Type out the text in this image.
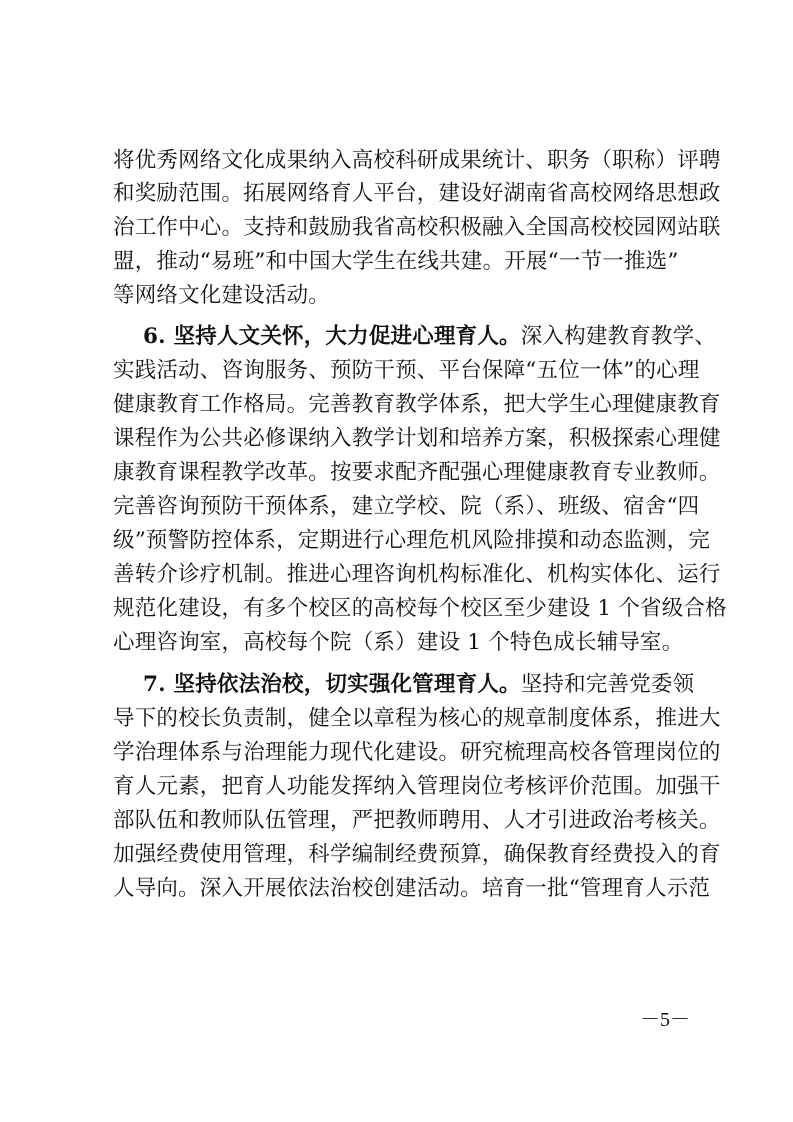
将优秀网络文化成果纳入高校科研成果统计、职务（职称）评聘
和奖励范围。拓展网络育人平台，建设好湖南省高校网络思想政
治工作中心。支持和鼓励我省高校积极融入全国高校校园网站联
盟，推动“易班”和中国大学生在线共建。开展“一节一推选”
等网络文化建设活动。
6. 坚持人文关怀，大力促进心理育人。深入构建教育教学、
实践活动、咨询服务、预防干预、平台保障“五位一体”的心理
健康教育工作格局。完善教育教学体系，把大学生心理健康教育
课程作为公共必修课纳入教学计划和培养方案，积极探索心理健
康教育课程教学改革。按要求配齐配强心理健康教育专业教师。
完善咨询预防干预体系，建立学校、院（系）、班级、宿舍“四
级”预警防控体系，定期进行心理危机风险排摸和动态监测，完
善转介诊疗机制。推进心理咨询机构标准化、机构实体化、运行
规范化建设，有多个校区的高校每个校区至少建设 1 个省级合格
心理咨询室，高校每个院（系）建设 1 个特色成长辅导室。
7. 坚持依法治校，切实强化管理育人。坚持和完善党委领
导下的校长负责制，健全以章程为核心的规章制度体系，推进大
学治理体系与治理能力现代化建设。研究梳理高校各管理岗位的
育人元素，把育人功能发挥纳入管理岗位考核评价范围。加强干
部队伍和教师队伍管理，严把教师聘用、人才引进政治考核关。
加强经费使用管理，科学编制经费预算，确保教育经费投入的育
人导向。深入开展依法治校创建活动。培育一批“管理育人示范
－5－
